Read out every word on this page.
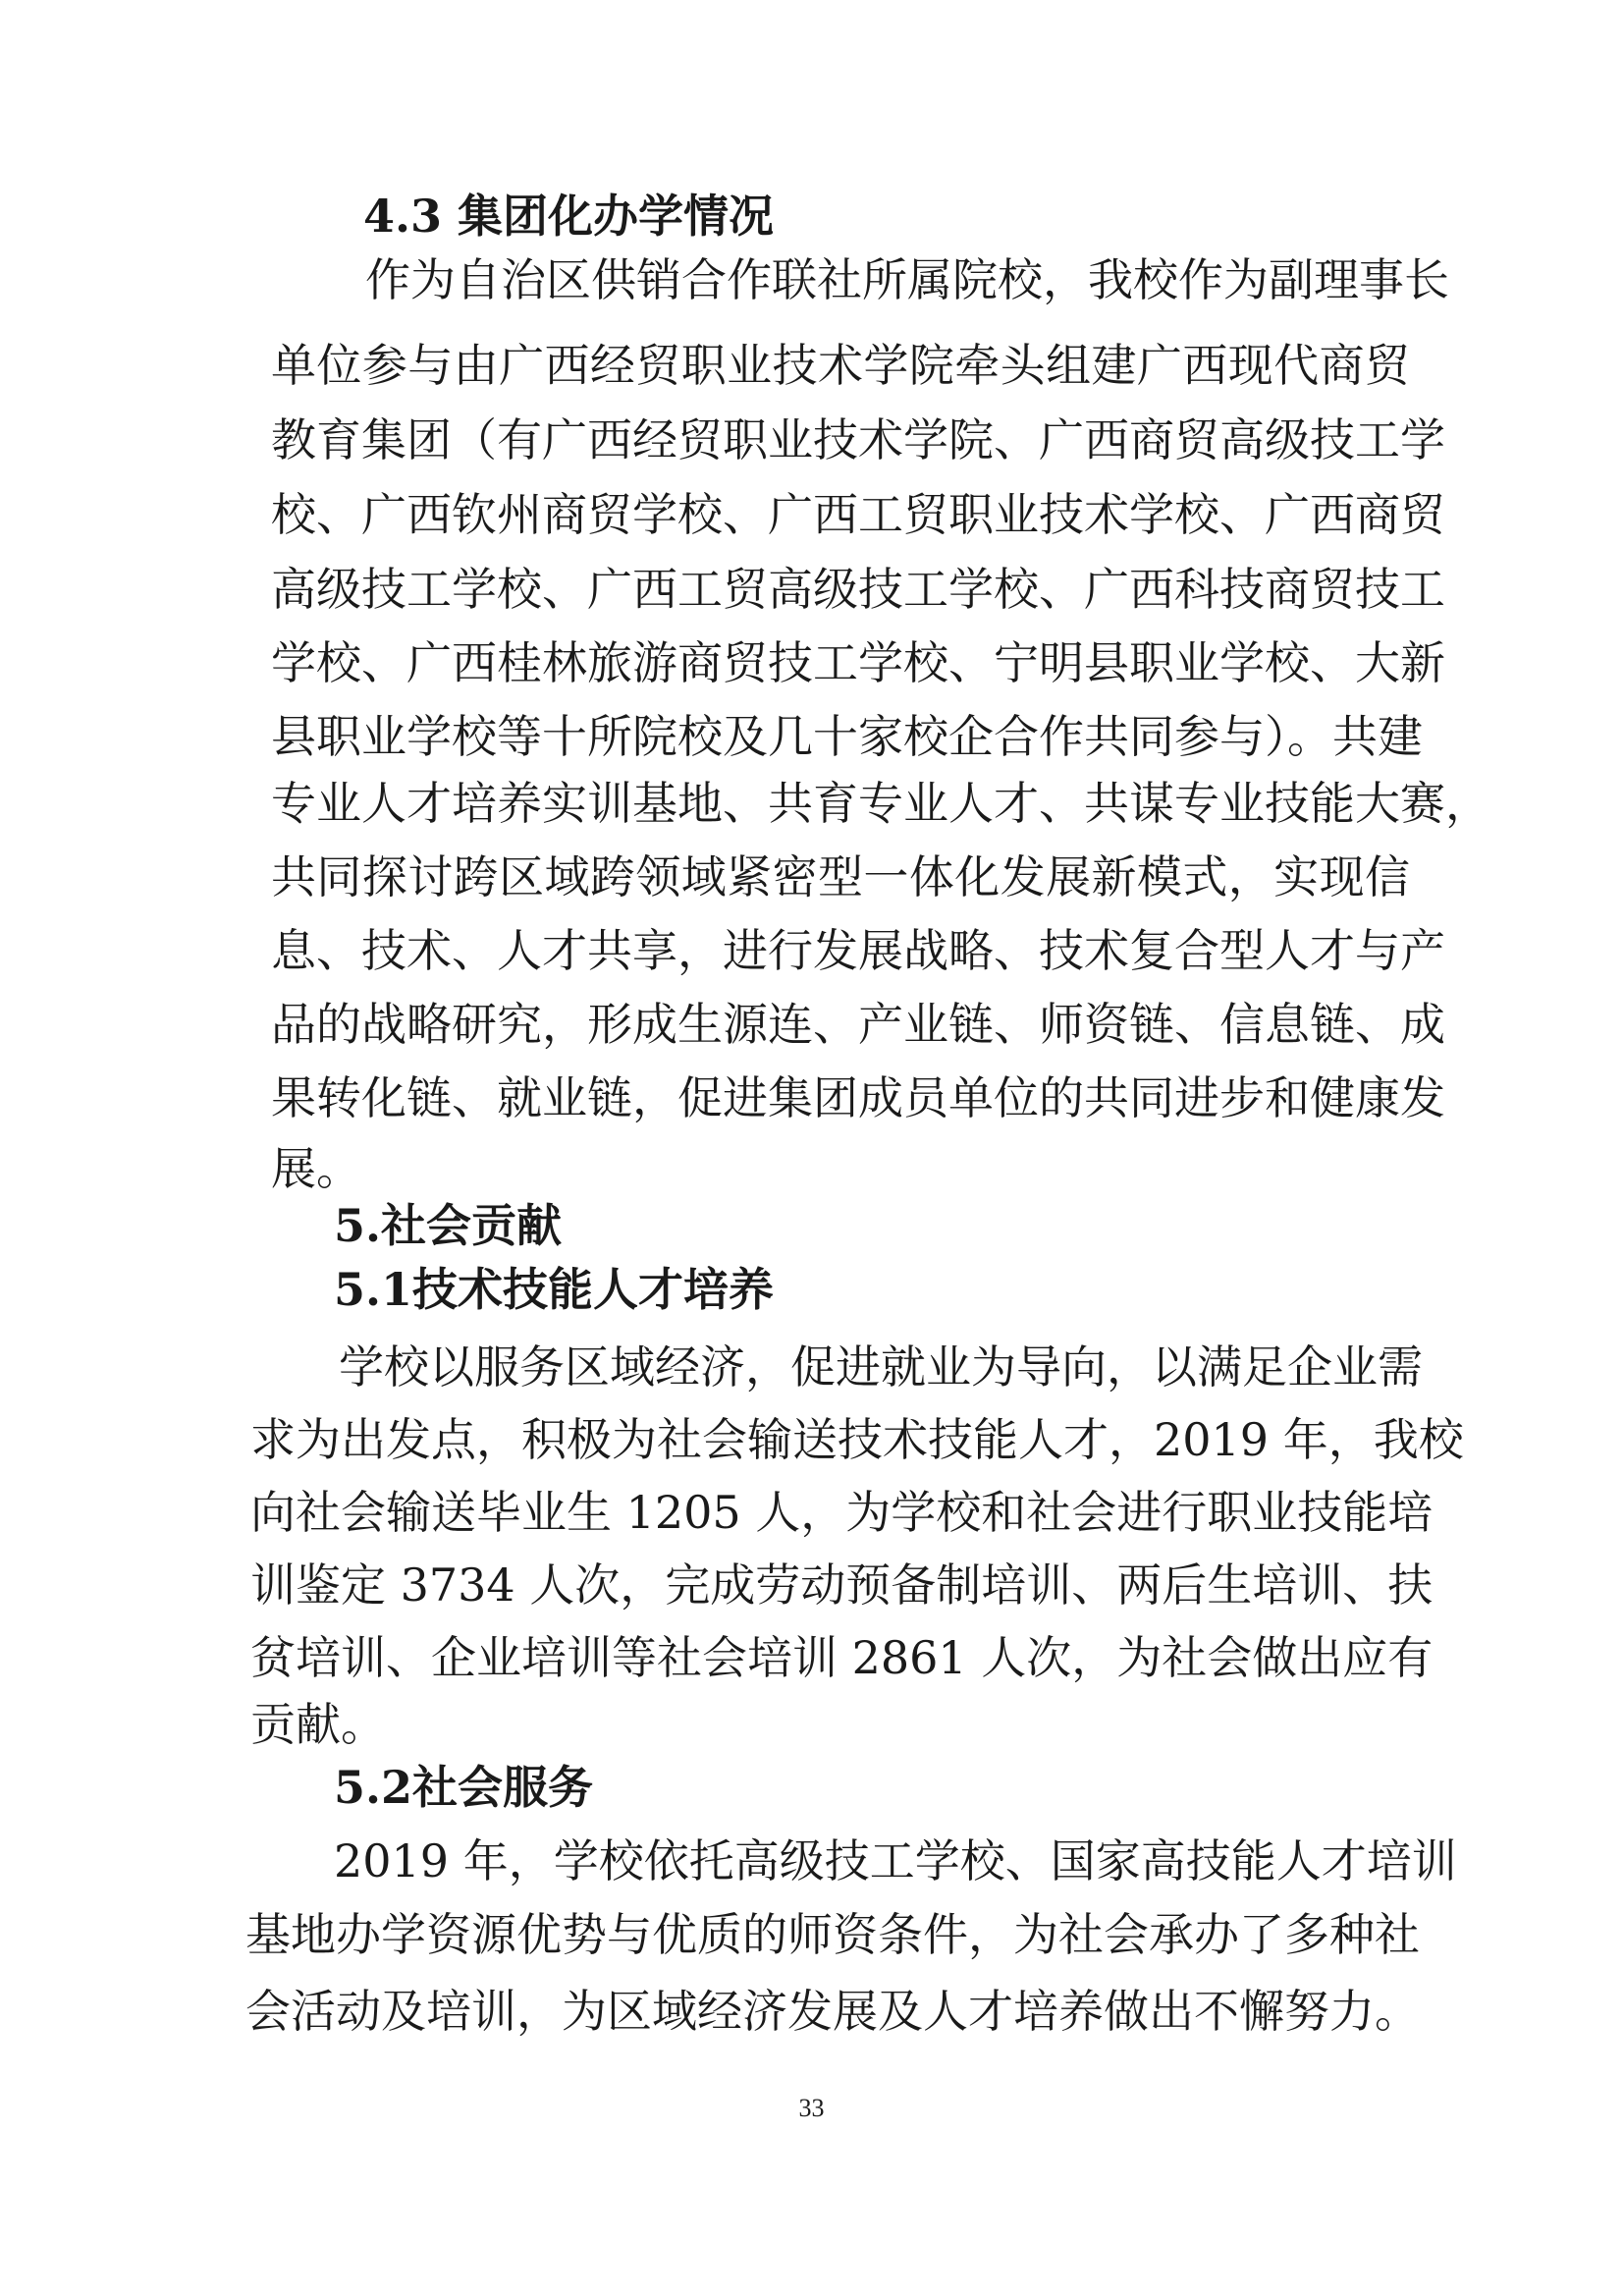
4.3 集团化办学情况
作为自治区供销合作联社所属院校，我校作为副理事长
单位参与由广西经贸职业技术学院牵头组建广西现代商贸
教育集团（有广西经贸职业技术学院、广西商贸高级技工学
校、广西钦州商贸学校、广西工贸职业技术学校、广西商贸
高级技工学校、广西工贸高级技工学校、广西科技商贸技工
学校、广西桂林旅游商贸技工学校、宁明县职业学校、大新
县职业学校等十所院校及几十家校企合作共同参与）。共建
专业人才培养实训基地、共育专业人才、共谋专业技能大赛，
共同探讨跨区域跨领域紧密型一体化发展新模式，实现信
息、技术、人才共享，进行发展战略、技术复合型人才与产
品的战略研究，形成生源连、产业链、师资链、信息链、成
果转化链、就业链，促进集团成员单位的共同进步和健康发
展。
5.社会贡献
5.1技术技能人才培养
学校以服务区域经济，促进就业为导向，以满足企业需
求为出发点，积极为社会输送技术技能人才，2019 年，我校
向社会输送毕业生 1205 人，为学校和社会进行职业技能培
训鉴定 3734 人次，完成劳动预备制培训、两后生培训、扶
贫培训、企业培训等社会培训 2861 人次，为社会做出应有
贡献。
5.2社会服务
2019 年，学校依托高级技工学校、国家高技能人才培训
基地办学资源优势与优质的师资条件，为社会承办了多种社
会活动及培训，为区域经济发展及人才培养做出不懈努力。
33
